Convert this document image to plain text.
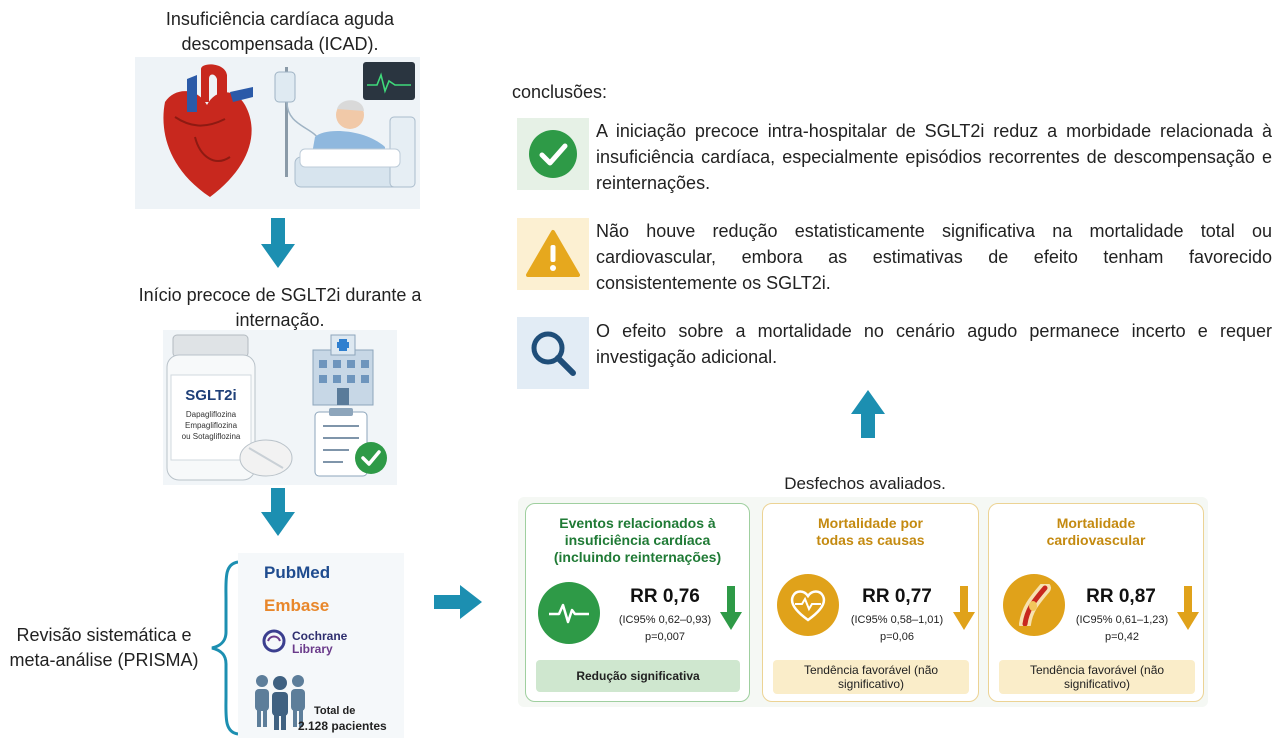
Insuficiência cardíaca aguda descompensada (ICAD).
Início precoce de SGLT2i durante a internação.
SGLT2i
Dapagliflozina
Empagliflozina
ou Sotagliflozina
Revisão sistemática e meta-análise (PRISMA)
PubMed
Embase
Cochrane
Library
Total de
2.128 pacientes
conclusões:
A iniciação precoce intra-hospitalar de SGLT2i reduz a morbidade relacionada à insuficiência cardíaca, especialmente episódios recorrentes de descompensação e reinternações.
Não houve redução estatisticamente significativa na mortalidade total ou cardiovascular, embora as estimativas de efeito tenham favorecido consistentemente os SGLT2i.
O efeito sobre a mortalidade no cenário agudo permanece incerto e requer investigação adicional.
Desfechos avaliados.
Eventos relacionados à insuficiência cardíaca (incluindo reinternações)
RR 0,76
(IC95% 0,62–0,93)
p=0,007
Redução significativa
Mortalidade por todas as causas
RR 0,77
(IC95% 0,58–1,01)
p=0,06
Tendência favorável (não significativo)
Mortalidade cardiovascular
RR 0,87
(IC95% 0,61–1,23)
p=0,42
Tendência favorável (não significativo)
